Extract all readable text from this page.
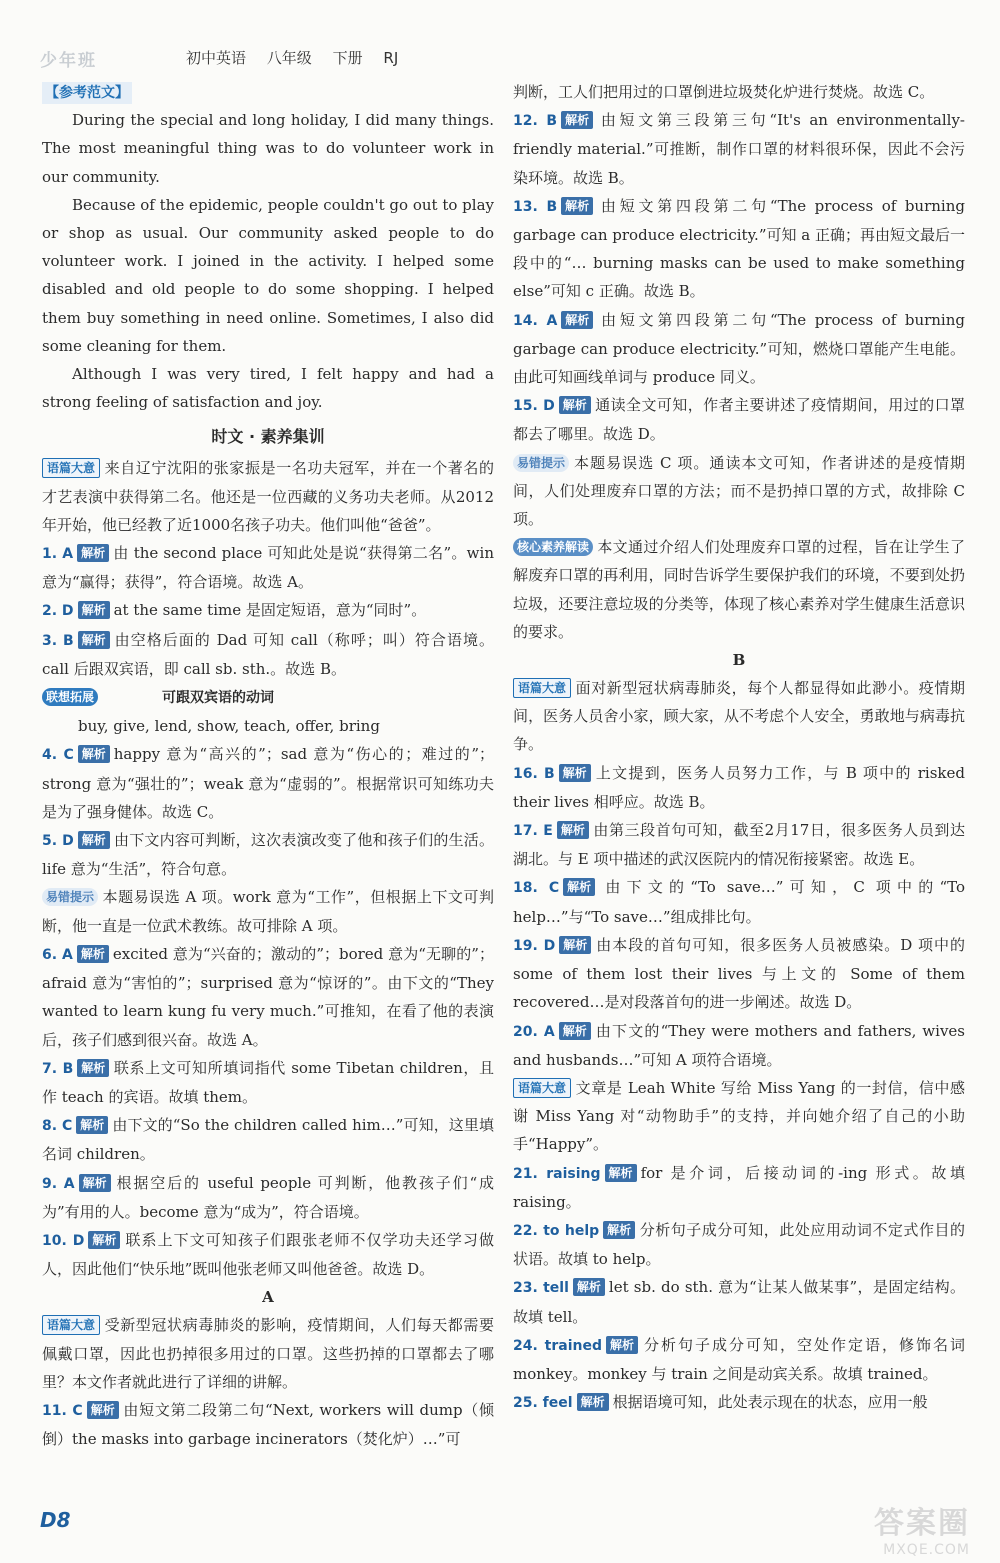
少年班	初中英语 八年级 下册 RJ
【参考范文】

During the special and long holiday, I did many things. The most meaningful thing was to do volunteer work in our community.

Because of the epidemic, people couldn't go out to play or shop as usual. Our community asked people to do volunteer work. I joined in the activity. I helped some disabled and old people to do some shopping. I helped them buy something in need online. Sometimes, I also did some cleaning for them.

Although I was very tired, I felt happy and had a strong feeling of satisfaction and joy.

时文 · 素养集训

语篇大意 来自辽宁沈阳的张家振是一名功夫冠军，并在一个著名的才艺表演中获得第二名。他还是一位西藏的义务功夫老师。从2012年开始，他已经教了近1000名孩子功夫。他们叫他“爸爸”。

1. A 解析 由 the second place 可知此处是说“获得第二名”。win 意为“赢得；获得”，符合语境。故选 A。

2. D 解析 at the same time 是固定短语，意为“同时”。

3. B 解析 由空格后面的 Dad 可知 call（称呼；叫）符合语境。call 后跟双宾语，即 call sb. sth.。故选 B。

联想拓展	可跟双宾语的动词

buy, give, lend, show, teach, offer, bring

4. C 解析 happy 意为“高兴的”；sad 意为“伤心的；难过的”；strong 意为“强壮的”；weak 意为“虚弱的”。根据常识可知练功夫是为了强身健体。故选 C。

5. D 解析 由下文内容可判断，这次表演改变了他和孩子们的生活。life 意为“生活”，符合句意。

易错提示 本题易误选 A 项。work 意为“工作”，但根据上下文可判断，他一直是一位武术教练。故可排除 A 项。

6. A 解析 excited 意为“兴奋的；激动的”；bored 意为“无聊的”；afraid 意为“害怕的”；surprised 意为“惊讶的”。由下文的“They wanted to learn kung fu very much.”可推知，在看了他的表演后，孩子们感到很兴奋。故选 A。

7. B 解析 联系上文可知所填词指代 some Tibetan children，且作 teach 的宾语。故填 them。

8. C 解析 由下文的“So the children called him…”可知，这里填名词 children。

9. A 解析 根据空后的 useful people 可判断，他教孩子们“成为”有用的人。become 意为“成为”，符合语境。

10. D 解析 联系上下文可知孩子们跟张老师不仅学功夫还学习做人，因此他们“快乐地”既叫他张老师又叫他爸爸。故选 D。

A

语篇大意 受新型冠状病毒肺炎的影响，疫情期间，人们每天都需要佩戴口罩，因此也扔掉很多用过的口罩。这些扔掉的口罩都去了哪里？本文作者就此进行了详细的讲解。

11. C 解析 由短文第二段第二句“Next, workers will dump（倾倒）the masks into garbage incinerators（焚化炉）…”可

判断，工人们把用过的口罩倒进垃圾焚化炉进行焚烧。故选 C。

12. B 解析 由短文第三段第三句“It's an environmentally-friendly material.”可推断，制作口罩的材料很环保，因此不会污染环境。故选 B。

13. B 解析 由短文第四段第二句“The process of burning garbage can produce electricity.”可知 a 正确；再由短文最后一段中的“… burning masks can be used to make something else”可知 c 正确。故选 B。

14. A 解析 由短文第四段第二句“The process of burning garbage can produce electricity.”可知，燃烧口罩能产生电能。由此可知画线单词与 produce 同义。

15. D 解析 通读全文可知，作者主要讲述了疫情期间，用过的口罩都去了哪里。故选 D。

易错提示 本题易误选 C 项。通读本文可知，作者讲述的是疫情期间，人们处理废弃口罩的方法；而不是扔掉口罩的方式，故排除 C 项。

核心素养解读 本文通过介绍人们处理废弃口罩的过程，旨在让学生了解废弃口罩的再利用，同时告诉学生要保护我们的环境，不要到处扔垃圾，还要注意垃圾的分类等，体现了核心素养对学生健康生活意识的要求。

B

语篇大意 面对新型冠状病毒肺炎，每个人都显得如此渺小。疫情期间，医务人员舍小家，顾大家，从不考虑个人安全，勇敢地与病毒抗争。

16. B 解析 上文提到，医务人员努力工作，与 B 项中的 risked their lives 相呼应。故选 B。

17. E 解析 由第三段首句可知，截至2月17日，很多医务人员到达湖北。与 E 项中描述的武汉医院内的情况衔接紧密。故选 E。

18. C 解析 由下文的“To save…”可知，C 项中的“To help…”与“To save…”组成排比句。

19. D 解析 由本段的首句可知，很多医务人员被感染。D 项中的 some of them lost their lives 与上文的 Some of them recovered…是对段落首句的进一步阐述。故选 D。

20. A 解析 由下文的“They were mothers and fathers, wives and husbands…”可知 A 项符合语境。

语篇大意 文章是 Leah White 写给 Miss Yang 的一封信，信中感谢 Miss Yang 对“动物助手”的支持，并向她介绍了自己的小助手“Happy”。

21. raising 解析 for 是介词，后接动词的-ing 形式。故填 raising。

22. to help 解析 分析句子成分可知，此处应用动词不定式作目的状语。故填 to help。

23. tell 解析 let sb. do sth. 意为“让某人做某事”，是固定结构。故填 tell。

24. trained 解析 分析句子成分可知，空处作定语，修饰名词 monkey。monkey 与 train 之间是动宾关系。故填 trained。

25. feel 解析 根据语境可知，此处表示现在的状态，应用一般

D8	答案圈
MXQE.COM
